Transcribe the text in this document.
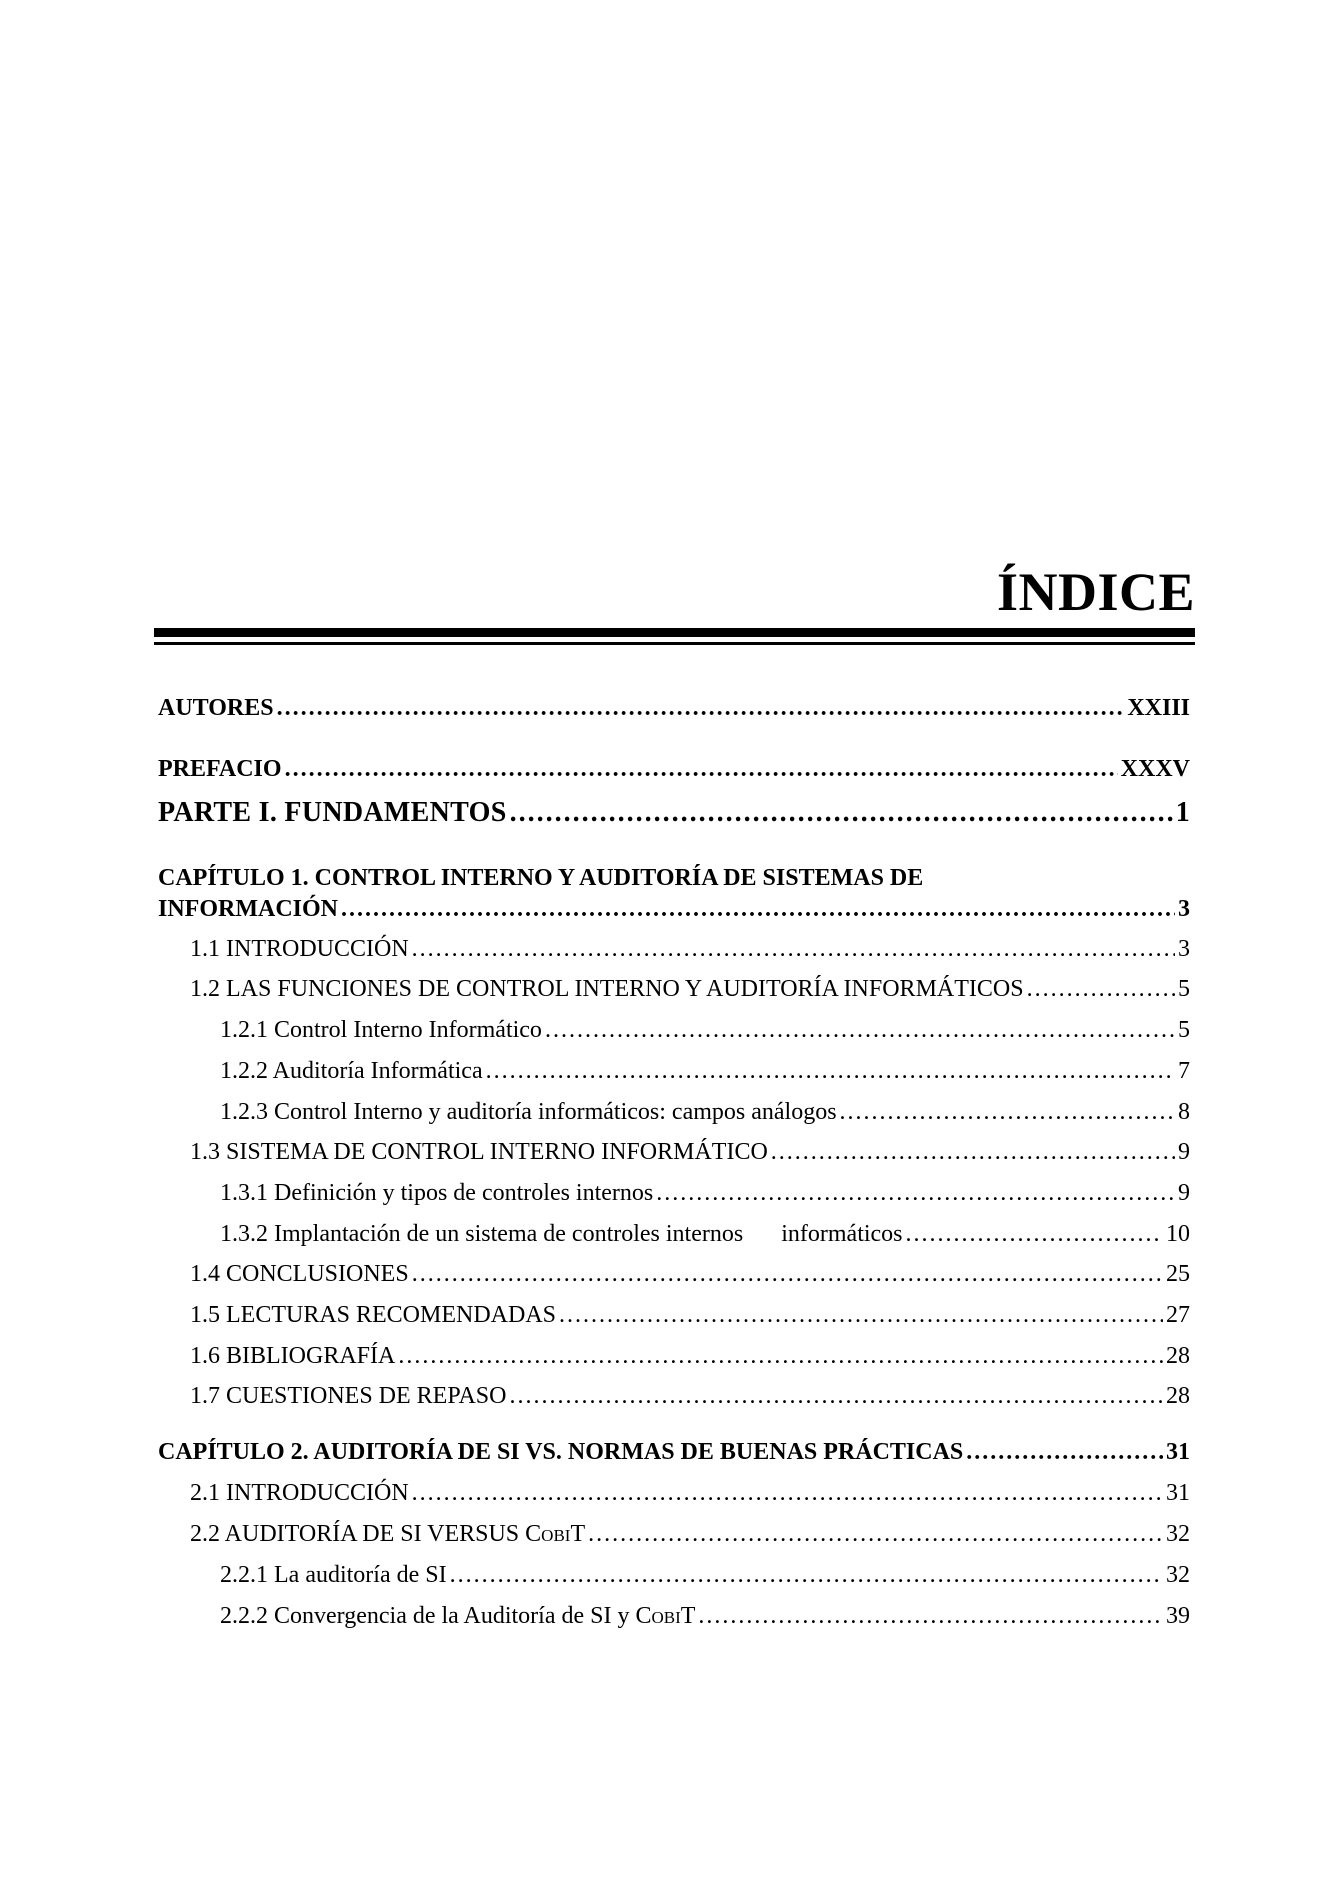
ÍNDICE
AUTORES .....	XXIII
PREFACIO .....	XXXV
PARTE I. FUNDAMENTOS .....	1
CAPÍTULO 1. CONTROL INTERNO Y AUDITORÍA DE SISTEMAS DE
INFORMACIÓN .....	3
1.1 INTRODUCCIÓN .....	3
1.2 LAS FUNCIONES DE CONTROL INTERNO Y AUDITORÍA INFORMÁTICOS .....	5
1.2.1 Control Interno Informático .....	5
1.2.2 Auditoría Informática .....	7
1.2.3 Control Interno y auditoría informáticos: campos análogos .....	8
1.3 SISTEMA DE CONTROL INTERNO INFORMÁTICO .....	9
1.3.1 Definición y tipos de controles internos .....	9
1.3.2 Implantación de un sistema de controles internos informáticos .....	10
1.4 CONCLUSIONES .....	25
1.5 LECTURAS RECOMENDADAS .....	27
1.6 BIBLIOGRAFÍA .....	28
1.7 CUESTIONES DE REPASO .....	28
CAPÍTULO 2. AUDITORÍA DE SI VS. NORMAS DE BUENAS PRÁCTICAS .....	31
2.1 INTRODUCCIÓN .....	31
2.2 AUDITORÍA DE SI VERSUS CobiT .....	32
2.2.1 La auditoría de SI .....	32
2.2.2 Convergencia de la Auditoría de SI y CobiT .....	39
